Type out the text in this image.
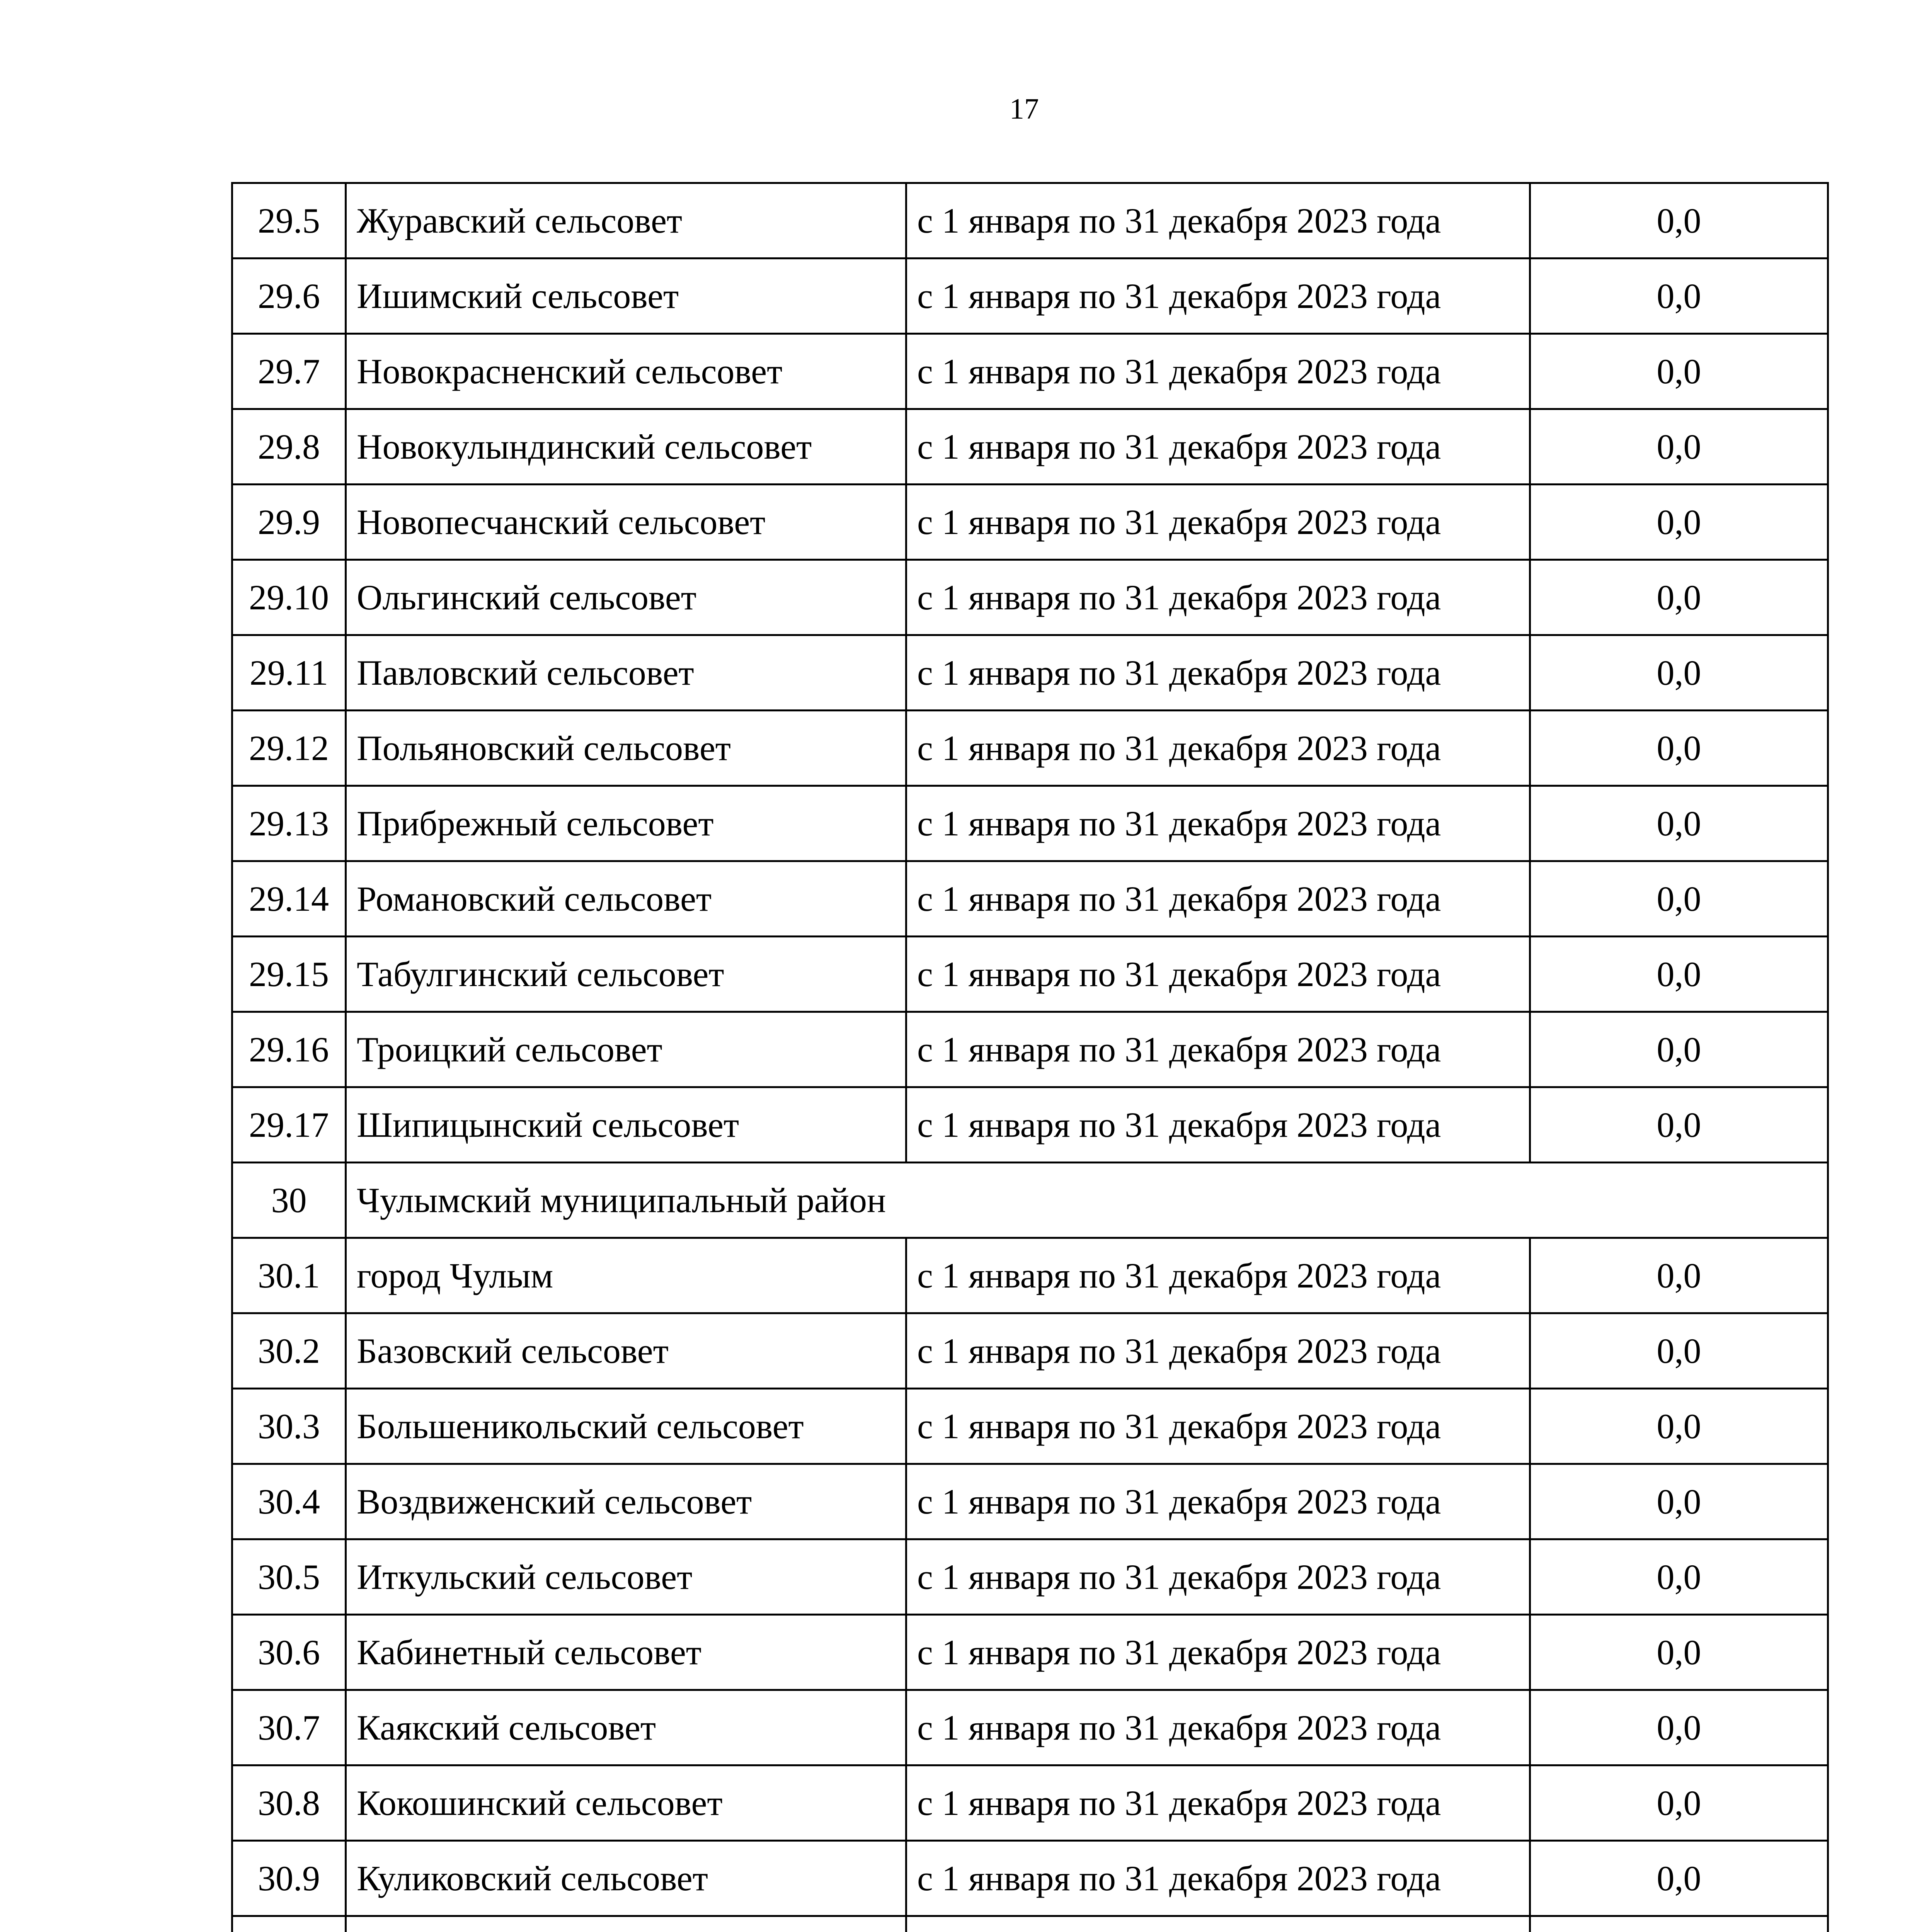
17
29.5	Журавский сельсовет	с 1 января по 31 декабря 2023 года	0,0
29.6	Ишимский сельсовет	с 1 января по 31 декабря 2023 года	0,0
29.7	Новокрасненский сельсовет	с 1 января по 31 декабря 2023 года	0,0
29.8	Новокулындинский сельсовет	с 1 января по 31 декабря 2023 года	0,0
29.9	Новопесчанский сельсовет	с 1 января по 31 декабря 2023 года	0,0
29.10	Ольгинский сельсовет	с 1 января по 31 декабря 2023 года	0,0
29.11	Павловский сельсовет	с 1 января по 31 декабря 2023 года	0,0
29.12	Польяновский сельсовет	с 1 января по 31 декабря 2023 года	0,0
29.13	Прибрежный сельсовет	с 1 января по 31 декабря 2023 года	0,0
29.14	Романовский сельсовет	с 1 января по 31 декабря 2023 года	0,0
29.15	Табулгинский сельсовет	с 1 января по 31 декабря 2023 года	0,0
29.16	Троицкий сельсовет	с 1 января по 31 декабря 2023 года	0,0
29.17	Шипицынский сельсовет	с 1 января по 31 декабря 2023 года	0,0
30	Чулымский муниципальный район		
30.1	город Чулым	с 1 января по 31 декабря 2023 года	0,0
30.2	Базовский сельсовет	с 1 января по 31 декабря 2023 года	0,0
30.3	Большеникольский сельсовет	с 1 января по 31 декабря 2023 года	0,0
30.4	Воздвиженский сельсовет	с 1 января по 31 декабря 2023 года	0,0
30.5	Иткульский сельсовет	с 1 января по 31 декабря 2023 года	0,0
30.6	Кабинетный сельсовет	с 1 января по 31 декабря 2023 года	0,0
30.7	Каякский сельсовет	с 1 января по 31 декабря 2023 года	0,0
30.8	Кокошинский сельсовет	с 1 января по 31 декабря 2023 года	0,0
30.9	Куликовский сельсовет	с 1 января по 31 декабря 2023 года	0,0
